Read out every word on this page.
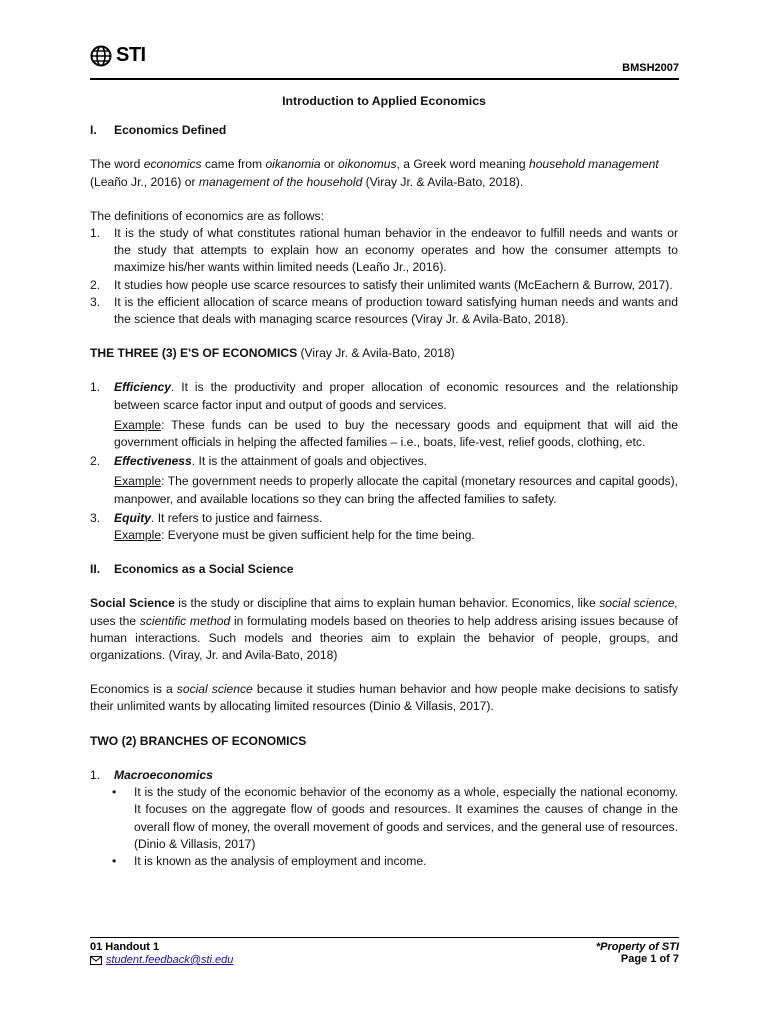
STI
BMSH2007

Introduction to Applied Economics

I.	Economics Defined

The word economics came from oikanomia or oikonomus, a Greek word meaning household management (Leaño Jr., 2016) or management of the household (Viray Jr. & Avila-Bato, 2018).

The definitions of economics are as follows:

1.	It is the study of what constitutes rational human behavior in the endeavor to fulfill needs and wants or the study that attempts to explain how an economy operates and how the consumer attempts to maximize his/her wants within limited needs (Leaño Jr., 2016).
2.	It studies how people use scarce resources to satisfy their unlimited wants (McEachern & Burrow, 2017).
3.	It is the efficient allocation of scarce means of production toward satisfying human needs and wants and the science that deals with managing scarce resources (Viray Jr. & Avila-Bato, 2018).

THE THREE (3) E'S OF ECONOMICS (Viray Jr. & Avila-Bato, 2018)

1.	Efficiency. It is the productivity and proper allocation of economic resources and the relationship between scarce factor input and output of goods and services.
Example: These funds can be used to buy the necessary goods and equipment that will aid the government officials in helping the affected families – i.e., boats, life-vest, relief goods, clothing, etc.
2.	Effectiveness. It is the attainment of goals and objectives.
Example: The government needs to properly allocate the capital (monetary resources and capital goods), manpower, and available locations so they can bring the affected families to safety.
3.	Equity. It refers to justice and fairness.
Example: Everyone must be given sufficient help for the time being.
II.	Economics as a Social Science

Social Science is the study or discipline that aims to explain human behavior. Economics, like social science, uses the scientific method in formulating models based on theories to help address arising issues because of human interactions. Such models and theories aim to explain the behavior of people, groups, and organizations. (Viray, Jr. and Avila-Bato, 2018)

Economics is a social science because it studies human behavior and how people make decisions to satisfy their unlimited wants by allocating limited resources (Dinio & Villasis, 2017).

TWO (2) BRANCHES OF ECONOMICS

1.	Macroeconomics
•	It is the study of the economic behavior of the economy as a whole, especially the national economy. It focuses on the aggregate flow of goods and resources. It examines the causes of change in the overall flow of money, the overall movement of goods and services, and the general use of resources. (Dinio & Villasis, 2017)
•	It is known as the analysis of employment and income.
01 Handout 1
student.feedback@sti.edu
*Property of STI
Page 1 of 7
